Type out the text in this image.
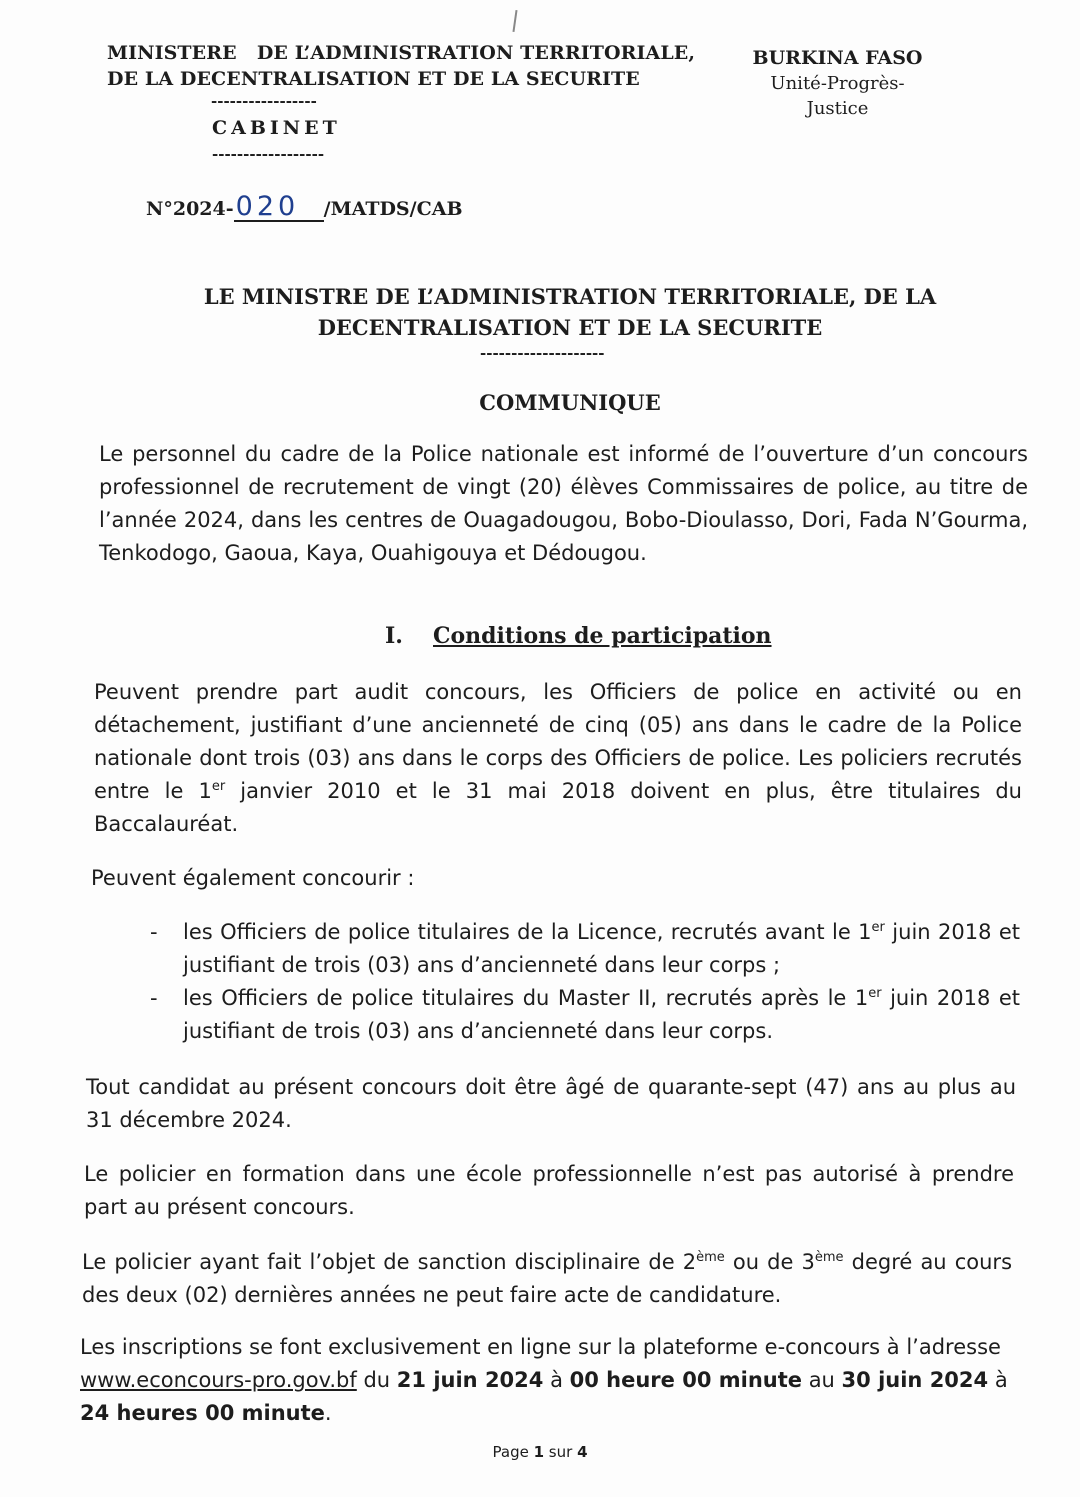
MINISTERE   DE L’ADMINISTRATION TERRITORIALE,
DE LA DECENTRALISATION ET DE LA SECURITE
-----------------
CABINET
------------------
BURKINA FASO
Unité-Progrès-Justice
N°2024- 020	/MATDS/CAB
LE MINISTRE DE L’ADMINISTRATION TERRITORIALE, DE LA
DECENTRALISATION ET DE LA SECURITE
--------------------
COMMUNIQUE
Le personnel du cadre de la Police nationale est informé de l’ouverture d’un concours professionnel de recrutement de vingt (20) élèves Commissaires de police, au titre de l’année 2024, dans les centres de Ouagadougou, Bobo-Dioulasso, Dori, Fada N’Gourma, Tenkodogo, Gaoua, Kaya, Ouahigouya et Dédougou.
I. Conditions de participation
Peuvent prendre part audit concours, les Officiers de police en activité ou en détachement, justifiant d’une ancienneté de cinq (05) ans dans le cadre de la Police nationale dont trois (03) ans dans le corps des Officiers de police. Les policiers recrutés entre le 1er janvier 2010 et le 31 mai 2018 doivent en plus, être titulaires du Baccalauréat.
Peuvent également concourir :
-	les Officiers de police titulaires de la Licence, recrutés avant le 1er juin 2018 et justifiant de trois (03) ans d’ancienneté dans leur corps ;
-	les Officiers de police titulaires du Master II, recrutés après le 1er juin 2018 et justifiant de trois (03) ans d’ancienneté dans leur corps.
Tout candidat au présent concours doit être âgé de quarante-sept (47) ans au plus au 31 décembre 2024.
Le policier en formation dans une école professionnelle n’est pas autorisé à prendre part au présent concours.
Le policier ayant fait l’objet de sanction disciplinaire de 2ème ou de 3ème degré au cours des deux (02) dernières années ne peut faire acte de candidature.
Les inscriptions se font exclusivement en ligne sur la plateforme e-concours à l’adresse www.econcours-pro.gov.bf du 21 juin 2024 à 00 heure 00 minute au 30 juin 2024 à 24 heures 00 minute.
Page 1 sur 4
